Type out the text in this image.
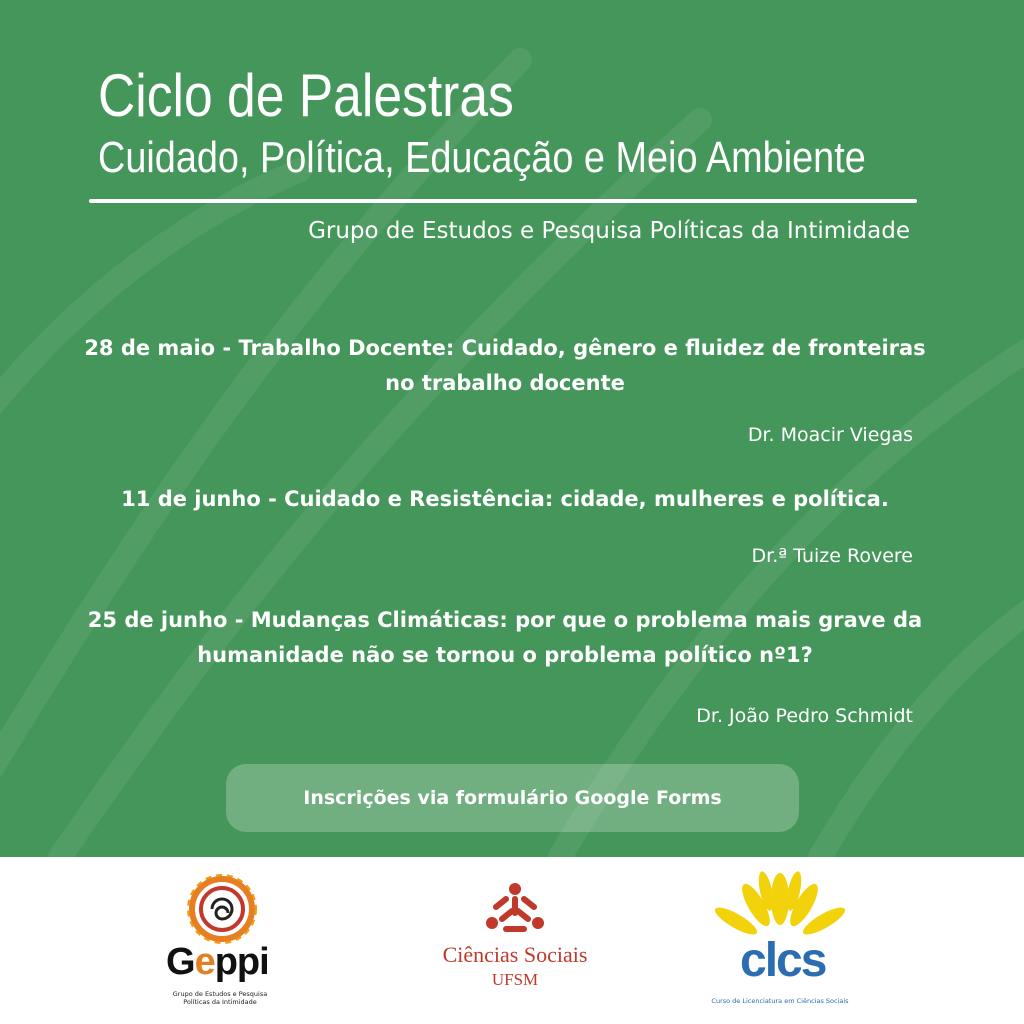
Ciclo de Palestras
Cuidado, Política, Educação e Meio Ambiente
Grupo de Estudos e Pesquisa Políticas da Intimidade
28 de maio - Trabalho Docente: Cuidado, gênero e fluidez de fronteiras no trabalho docente
Dr. Moacir Viegas
11 de junho - Cuidado e Resistência: cidade, mulheres e política.
Dr.ª Tuize Rovere
25 de junho - Mudanças Climáticas: por que o problema mais grave da humanidade não se tornou o problema político nº1?
Dr. João Pedro Schmidt
Inscrições via formulário Google Forms
Geppi
Grupo de Estudos e Pesquisa Políticas da Intimidade
Ciências Sociais
UFSM	clcs
Curso de Licenciatura em Ciências Sociais
